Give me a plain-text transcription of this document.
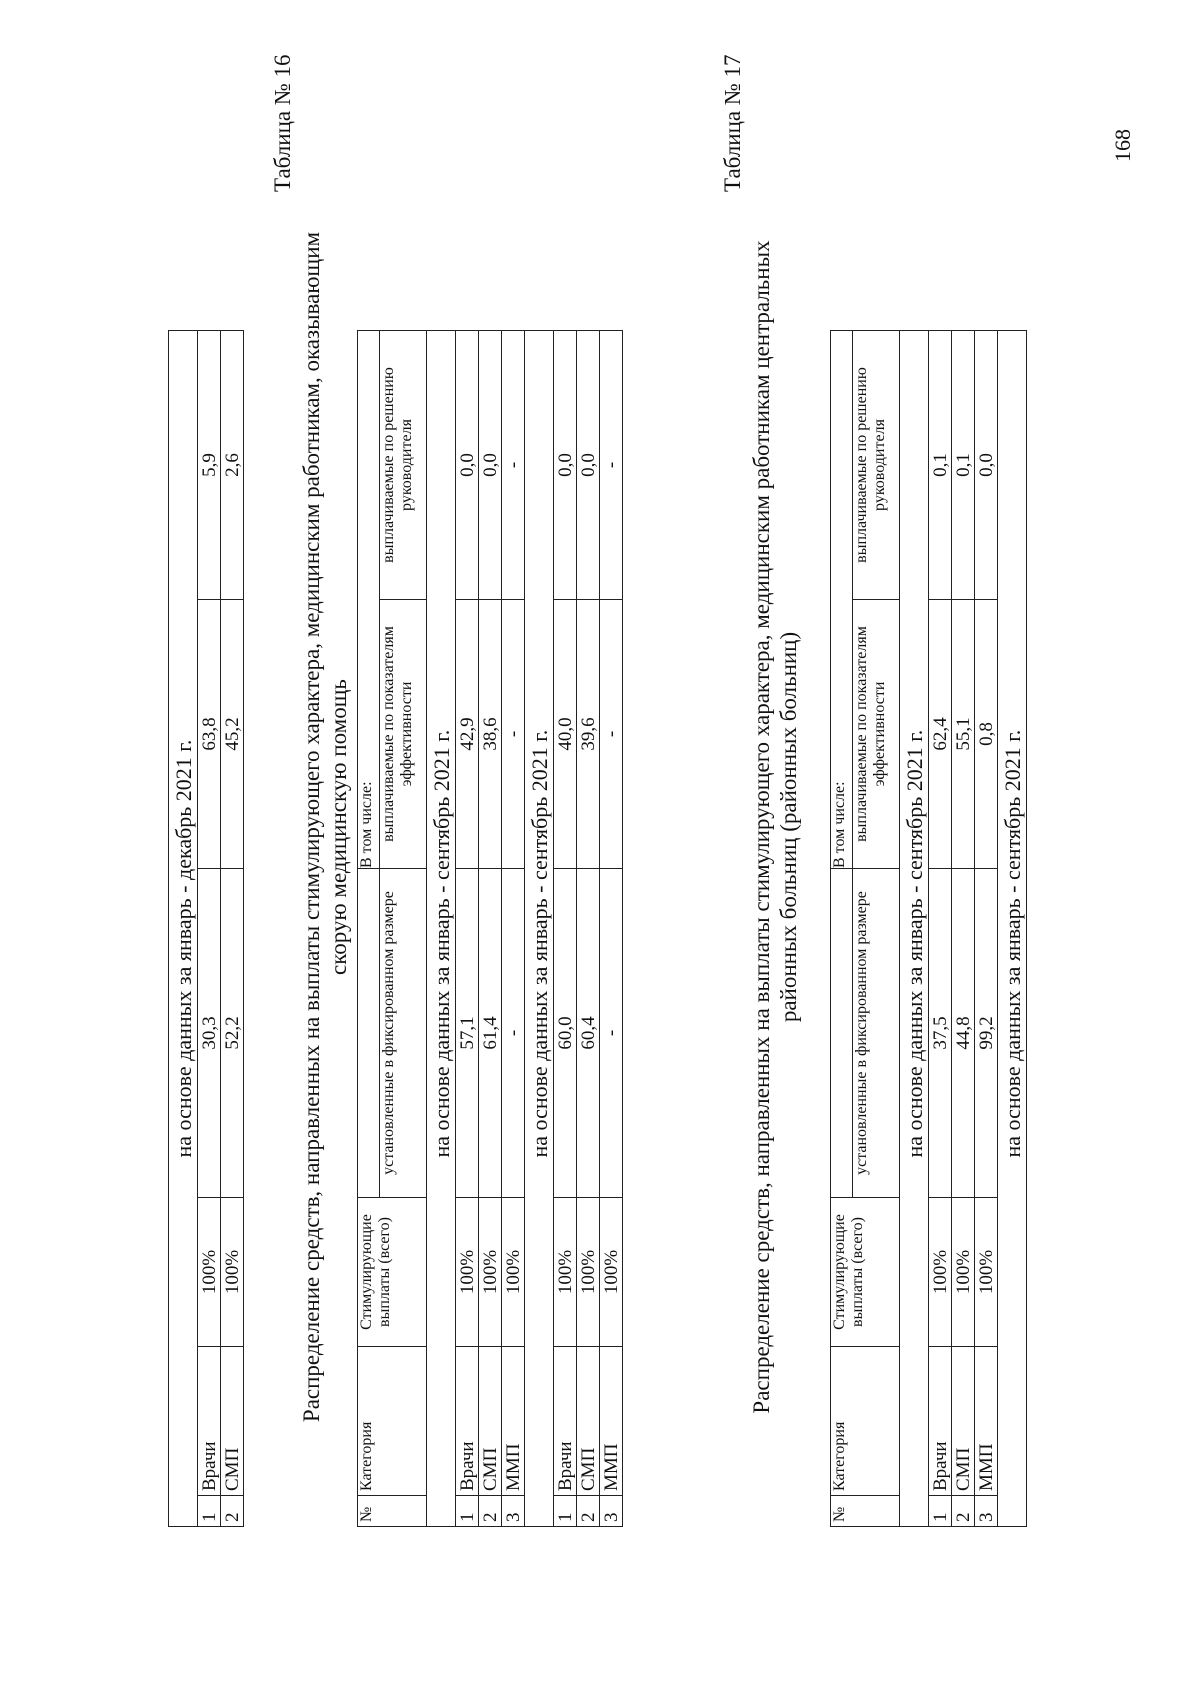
			на основе данных за январь - декабрь 2021 г.		
1	Врачи	100%	30,3	63,8	5,9
2	СМП	100%	52,2	45,2	2,6
Таблица № 16
Распределение средств, направленных на выплаты стимулирующего характера, медицинским работникам, оказывающим скорую медицинскую помощь
№	Категория	Стимулирующие выплаты (всего)		В том числе:	
			установленные в фиксированном размере	выплачиваемые по показателям эффективности	выплачиваемые по решению руководителя
			на основе данных за январь - сентябрь 2021 г.		
1	Врачи	100%	57,1	42,9	0,0
2	СМП	100%	61,4	38,6	0,0
3	ММП	100%	-	-	-
			на основе данных за январь - сентябрь 2021 г.		
1	Врачи	100%	60,0	40,0	0,0
2	СМП	100%	60,4	39,6	0,0
3	ММП	100%	-	-	-
Таблица № 17
Распределение средств, направленных на выплаты стимулирующего характера, медицинским работникам центральных районных больниц (районных больниц)
№	Категория	Стимулирующие выплаты (всего)		В том числе:	
			установленные в фиксированном размере	выплачиваемые по показателям эффективности	выплачиваемые по решению руководителя
			на основе данных за январь - сентябрь 2021 г.		
1	Врачи	100%	37,5	62,4	0,1
2	СМП	100%	44,8	55,1	0,1
3	ММП	100%	99,2	0,8	0,0
			на основе данных за январь - сентябрь 2021 г.		
168
